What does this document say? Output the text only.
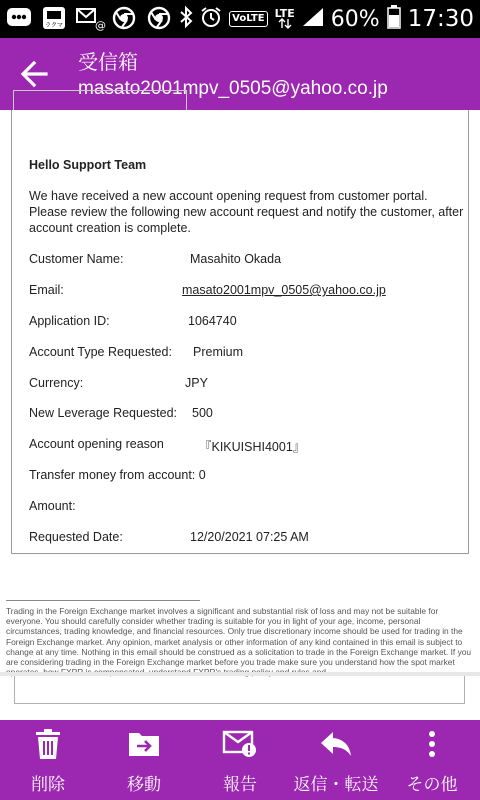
ラクマ	@
VoLTE LTE 60% 17:30
受信箱
masato2001mpv_0505@yahoo.co.jp
Hello Support Team
We have received a new account opening request from customer portal. Please review the following new account request and notify the customer, after account creation is complete.
Customer Name:	Masahito Okada
Email:	masato2001mpv_0505@yahoo.co.jp
Application ID:	1064740
Account Type Requested: Premium
Currency:	JPY
New Leverage Requested: 500
Account opening reason	『KIKUISHI4001』
Transfer money from account: 0
Amount:
Requested Date:	12/20/2021 07:25 AM
Trading in the Foreign Exchange market involves a significant and substantial risk of loss and may not be suitable for everyone. You should carefully consider whether trading is suitable for you in light of your age, income, personal circumstances, trading knowledge, and financial resources. Only true discretionary income should be used for trading in the Foreign Exchange market. Any opinion, market analysis or other information of any kind contained in this email is subject to change at any time. Nothing in this email should be construed as a solicitation to trade in the Foreign Exchange market. If you are considering trading in the Foreign Exchange market before you trade make sure you understand how the spot market
削除	移動	報告	返信・転送	その他
